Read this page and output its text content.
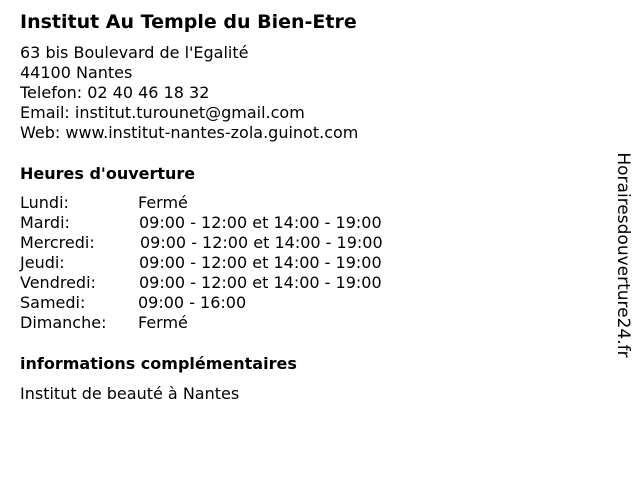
Institut Au Temple du Bien-Etre
63 bis Boulevard de l'Egalité
44100 Nantes
Telefon: 02 40 46 18 32
Email: institut.turounet@gmail.com
Web: www.institut-nantes-zola.guinot.com
Heures d'ouverture
Lundi:	Fermé
Mardi:	09:00 - 12:00 et 14:00 - 19:00
Mercredi:	09:00 - 12:00 et 14:00 - 19:00
Jeudi:	09:00 - 12:00 et 14:00 - 19:00
Vendredi:	09:00 - 12:00 et 14:00 - 19:00
Samedi:	09:00 - 16:00
Dimanche: Fermé
informations complémentaires
Institut de beauté à Nantes
Horairesdouverture24.fr
